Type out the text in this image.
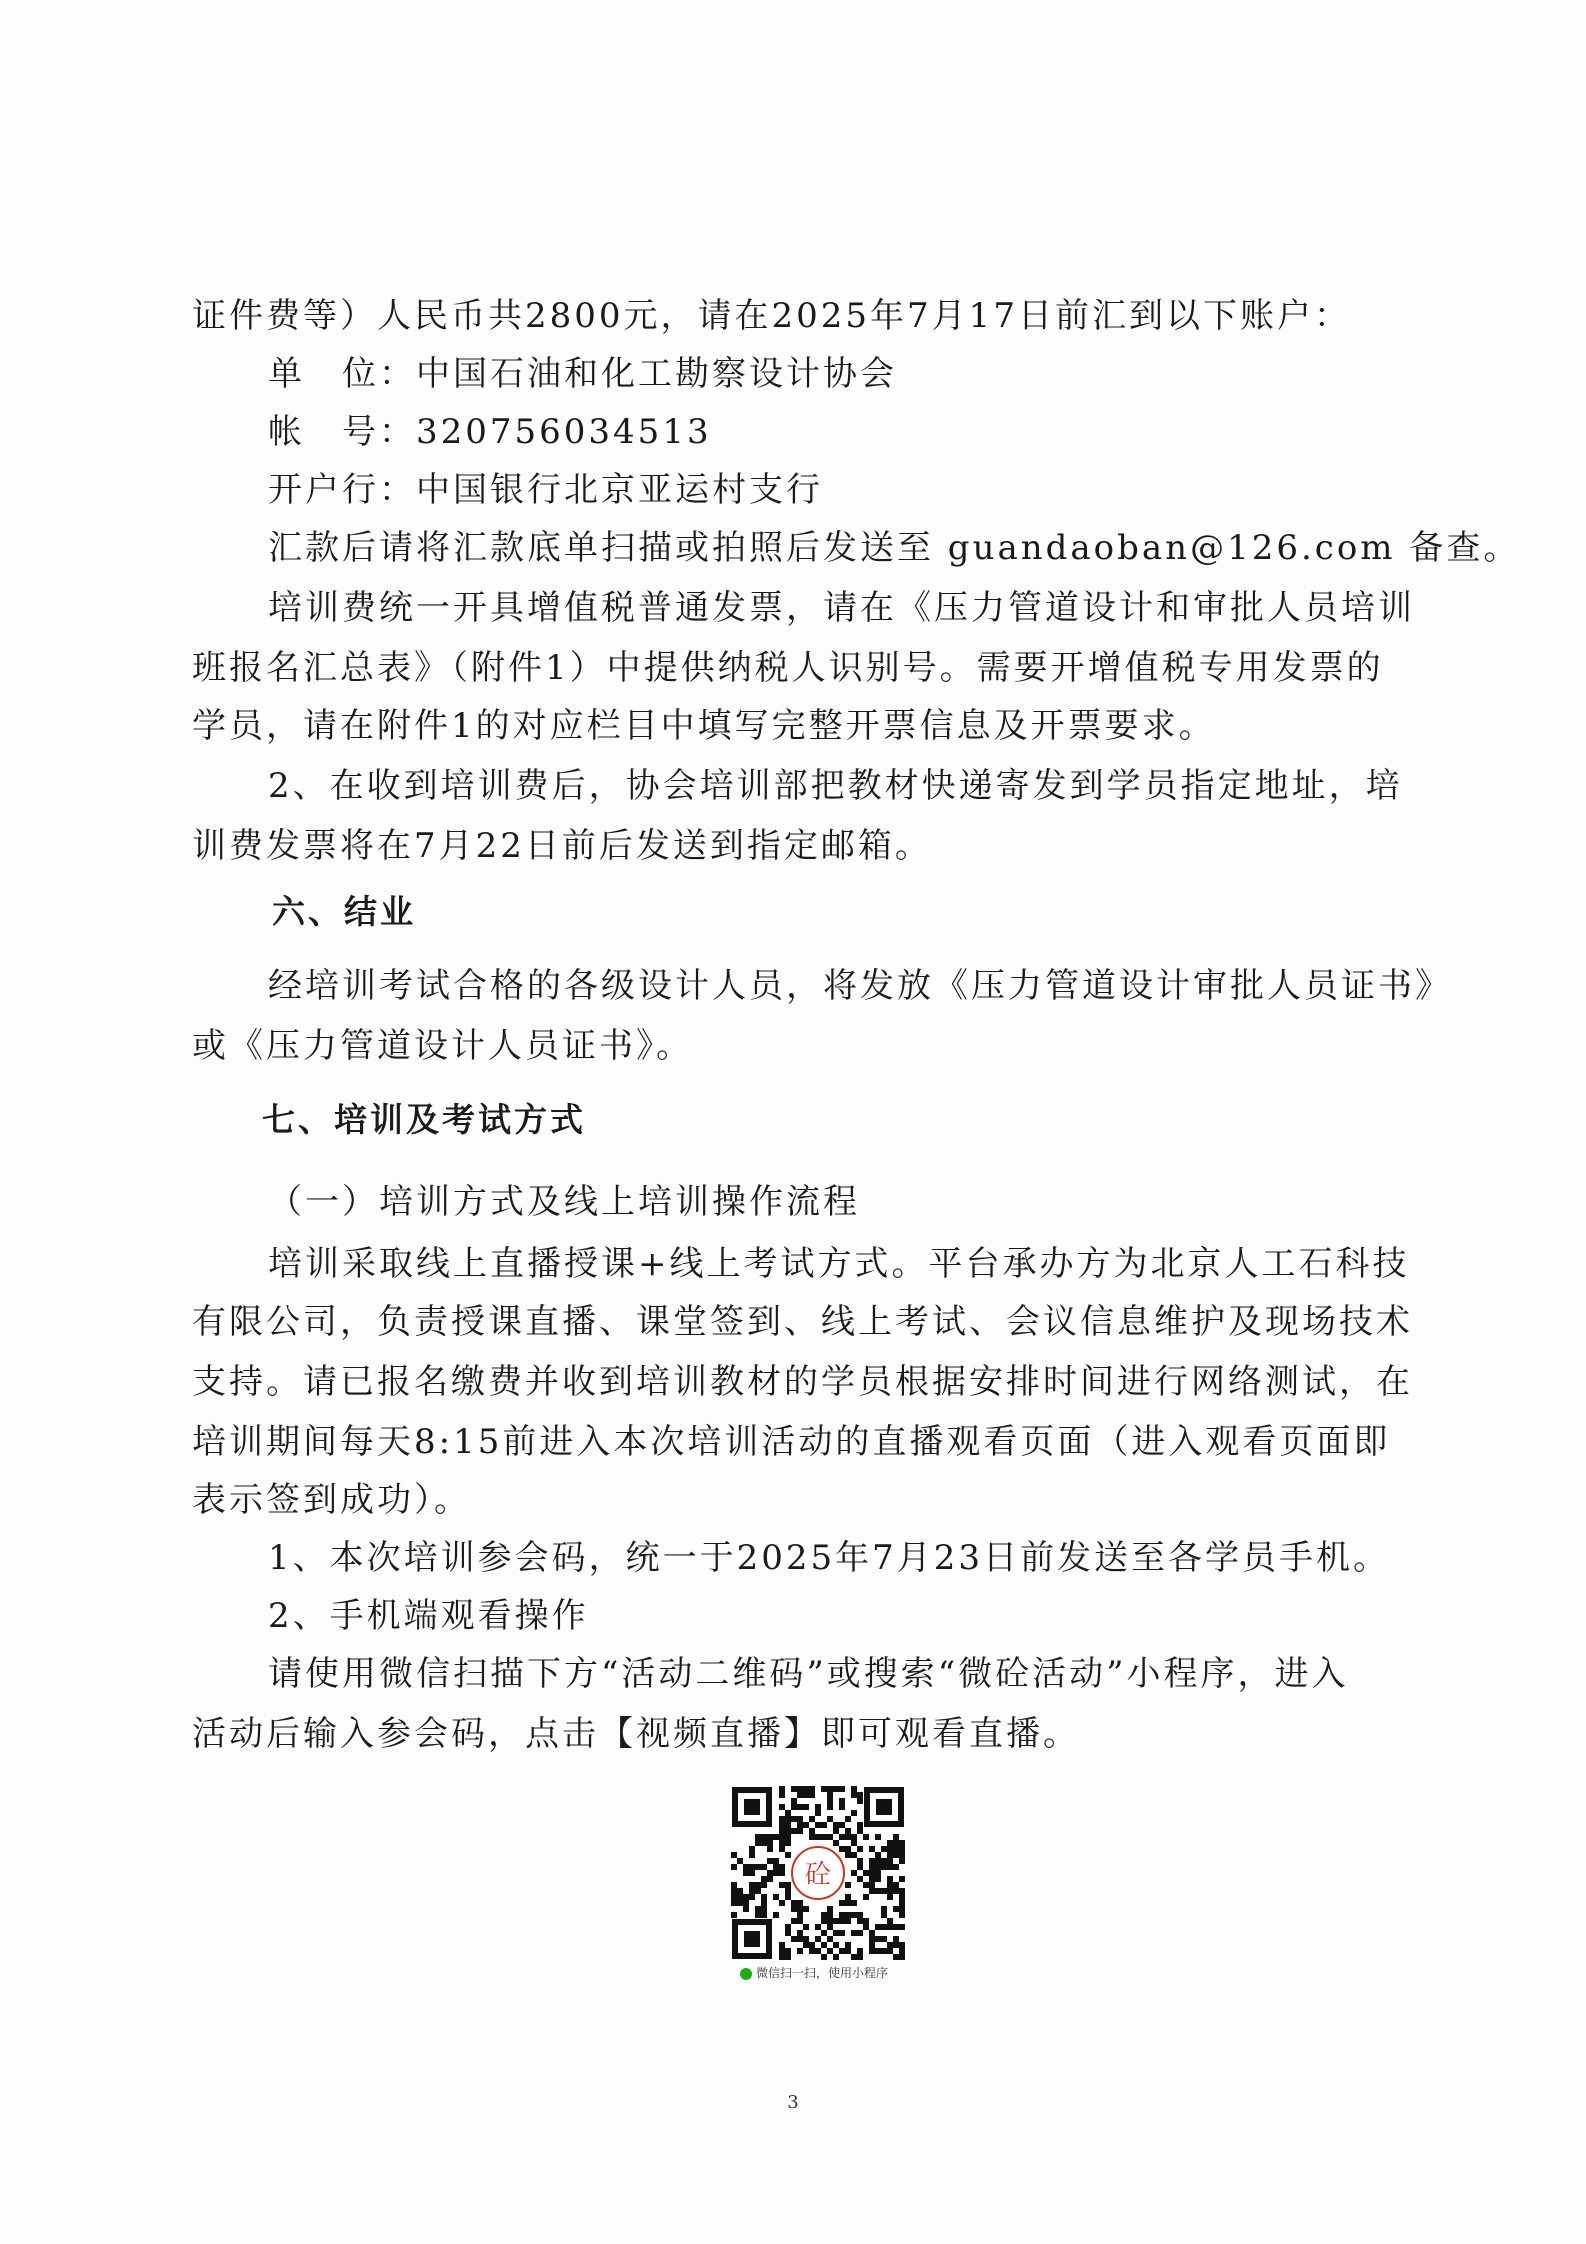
证件费等）人民币共2800元，请在2025年7月17日前汇到以下账户：
单　位：中国石油和化工勘察设计协会
帐　号：320756034513
开户行：中国银行北京亚运村支行
汇款后请将汇款底单扫描或拍照后发送至 guandaoban@126.com 备查。
培训费统一开具增值税普通发票，请在《压力管道设计和审批人员培训
班报名汇总表》（附件1）中提供纳税人识别号。需要开增值税专用发票的
学员，请在附件1的对应栏目中填写完整开票信息及开票要求。
2、在收到培训费后，协会培训部把教材快递寄发到学员指定地址，培
训费发票将在7月22日前后发送到指定邮箱。
六、结业
经培训考试合格的各级设计人员，将发放《压力管道设计审批人员证书》
或《压力管道设计人员证书》。
七、培训及考试方式
（一）培训方式及线上培训操作流程
培训采取线上直播授课+线上考试方式。平台承办方为北京人工石科技
有限公司，负责授课直播、课堂签到、线上考试、会议信息维护及现场技术
支持。请已报名缴费并收到培训教材的学员根据安排时间进行网络测试，在
培训期间每天8:15前进入本次培训活动的直播观看页面（进入观看页面即
表示签到成功）。
1、本次培训参会码，统一于2025年7月23日前发送至各学员手机。
2、手机端观看操作
请使用微信扫描下方“活动二维码”或搜索“微砼活动”小程序，进入
活动后输入参会码，点击【视频直播】即可观看直播。
砼
微信扫一扫，使用小程序
3
